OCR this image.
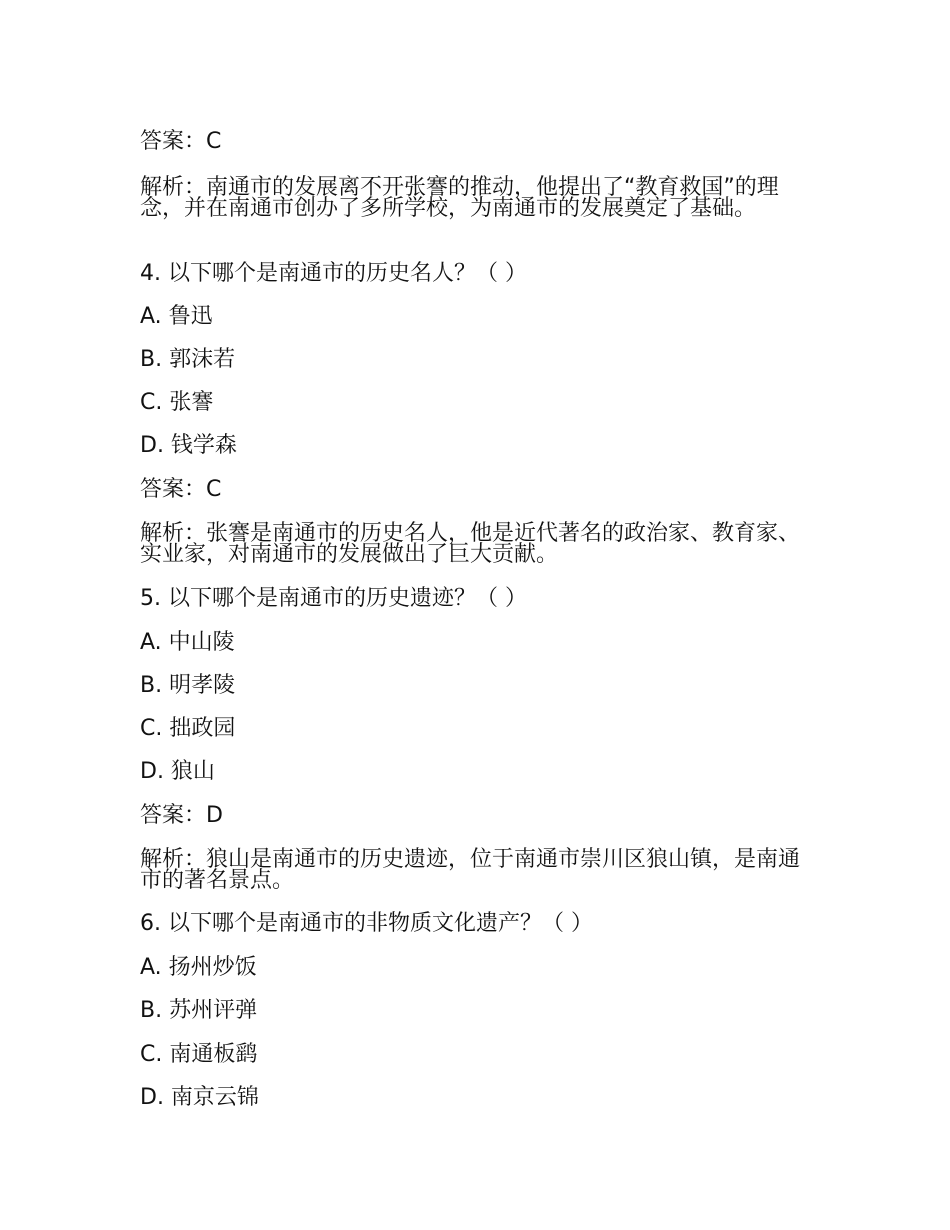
答案：C
解析：南通市的发展离不开张謇的推动，他提出了“教育救国”的理念，并在南通市创办了多所学校，为南通市的发展奠定了基础。
4. 以下哪个是南通市的历史名人？（ ）
A. 鲁迅
B. 郭沫若
C. 张謇
D. 钱学森
答案：C
解析：张謇是南通市的历史名人，他是近代著名的政治家、教育家、实业家，对南通市的发展做出了巨大贡献。
5. 以下哪个是南通市的历史遗迹？（ ）
A. 中山陵
B. 明孝陵
C. 拙政园
D. 狼山
答案：D
解析：狼山是南通市的历史遗迹，位于南通市崇川区狼山镇，是南通市的著名景点。
6. 以下哪个是南通市的非物质文化遗产？（ ）
A. 扬州炒饭
B. 苏州评弹
C. 南通板鹞
D. 南京云锦
